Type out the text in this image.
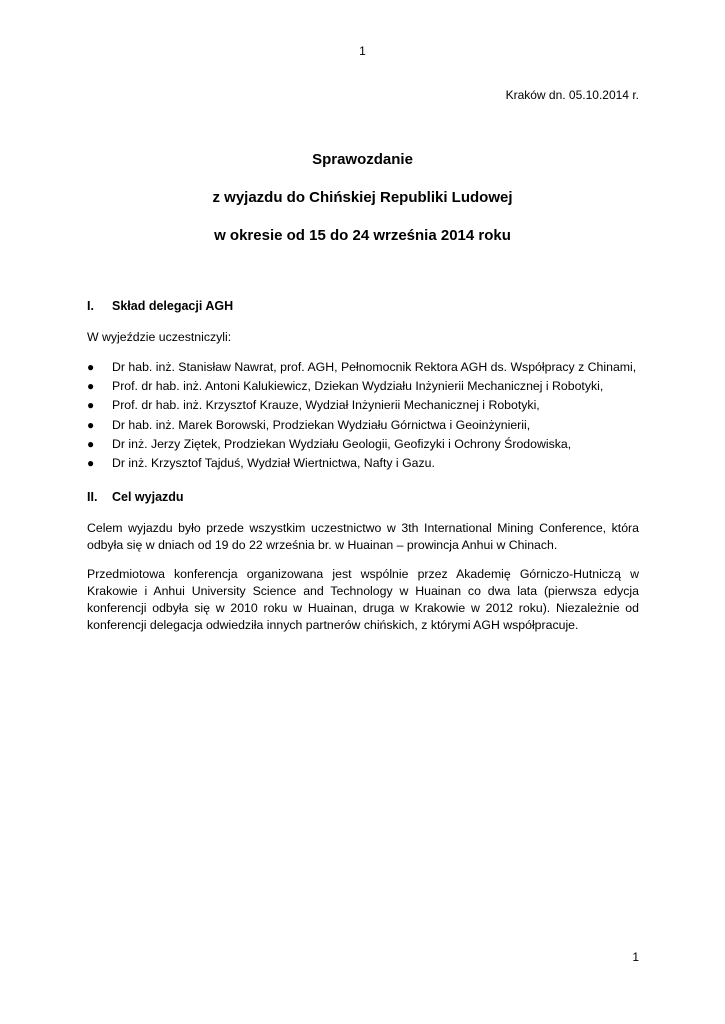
1
Kraków dn. 05.10.2014 r.
Sprawozdanie
z wyjazdu do Chińskiej Republiki Ludowej
w okresie od 15 do 24 września 2014 roku
I.	Skład delegacji AGH

W wyjeździe uczestniczyli:

●	Dr hab. inż. Stanisław Nawrat, prof. AGH, Pełnomocnik Rektora AGH ds. Współpracy z Chinami,
●	Prof. dr hab. inż. Antoni Kalukiewicz, Dziekan Wydziału Inżynierii Mechanicznej i Robotyki,
●	Prof. dr hab. inż. Krzysztof Krauze, Wydział Inżynierii Mechanicznej i Robotyki,
●	Dr hab. inż. Marek Borowski, Prodziekan Wydziału Górnictwa i Geoinżynierii,
●	Dr inż. Jerzy Ziętek, Prodziekan Wydziału Geologii, Geofizyki i Ochrony Środowiska,
●	Dr inż. Krzysztof Tajduś, Wydział Wiertnictwa, Nafty i Gazu.
II.	Cel wyjazdu

Celem wyjazdu było przede wszystkim uczestnictwo w 3th International Mining Conference, która odbyła się w dniach od 19 do 22 września br. w Huainan – prowincja Anhui w Chinach.

Przedmiotowa konferencja organizowana jest wspólnie przez Akademię Górniczo-Hutniczą w Krakowie i Anhui University Science and Technology w Huainan co dwa lata (pierwsza edycja konferencji odbyła się w 2010 roku w Huainan, druga w Krakowie w 2012 roku). Niezależnie od konferencji delegacja odwiedziła innych partnerów chińskich, z którymi AGH współpracuje.

1
